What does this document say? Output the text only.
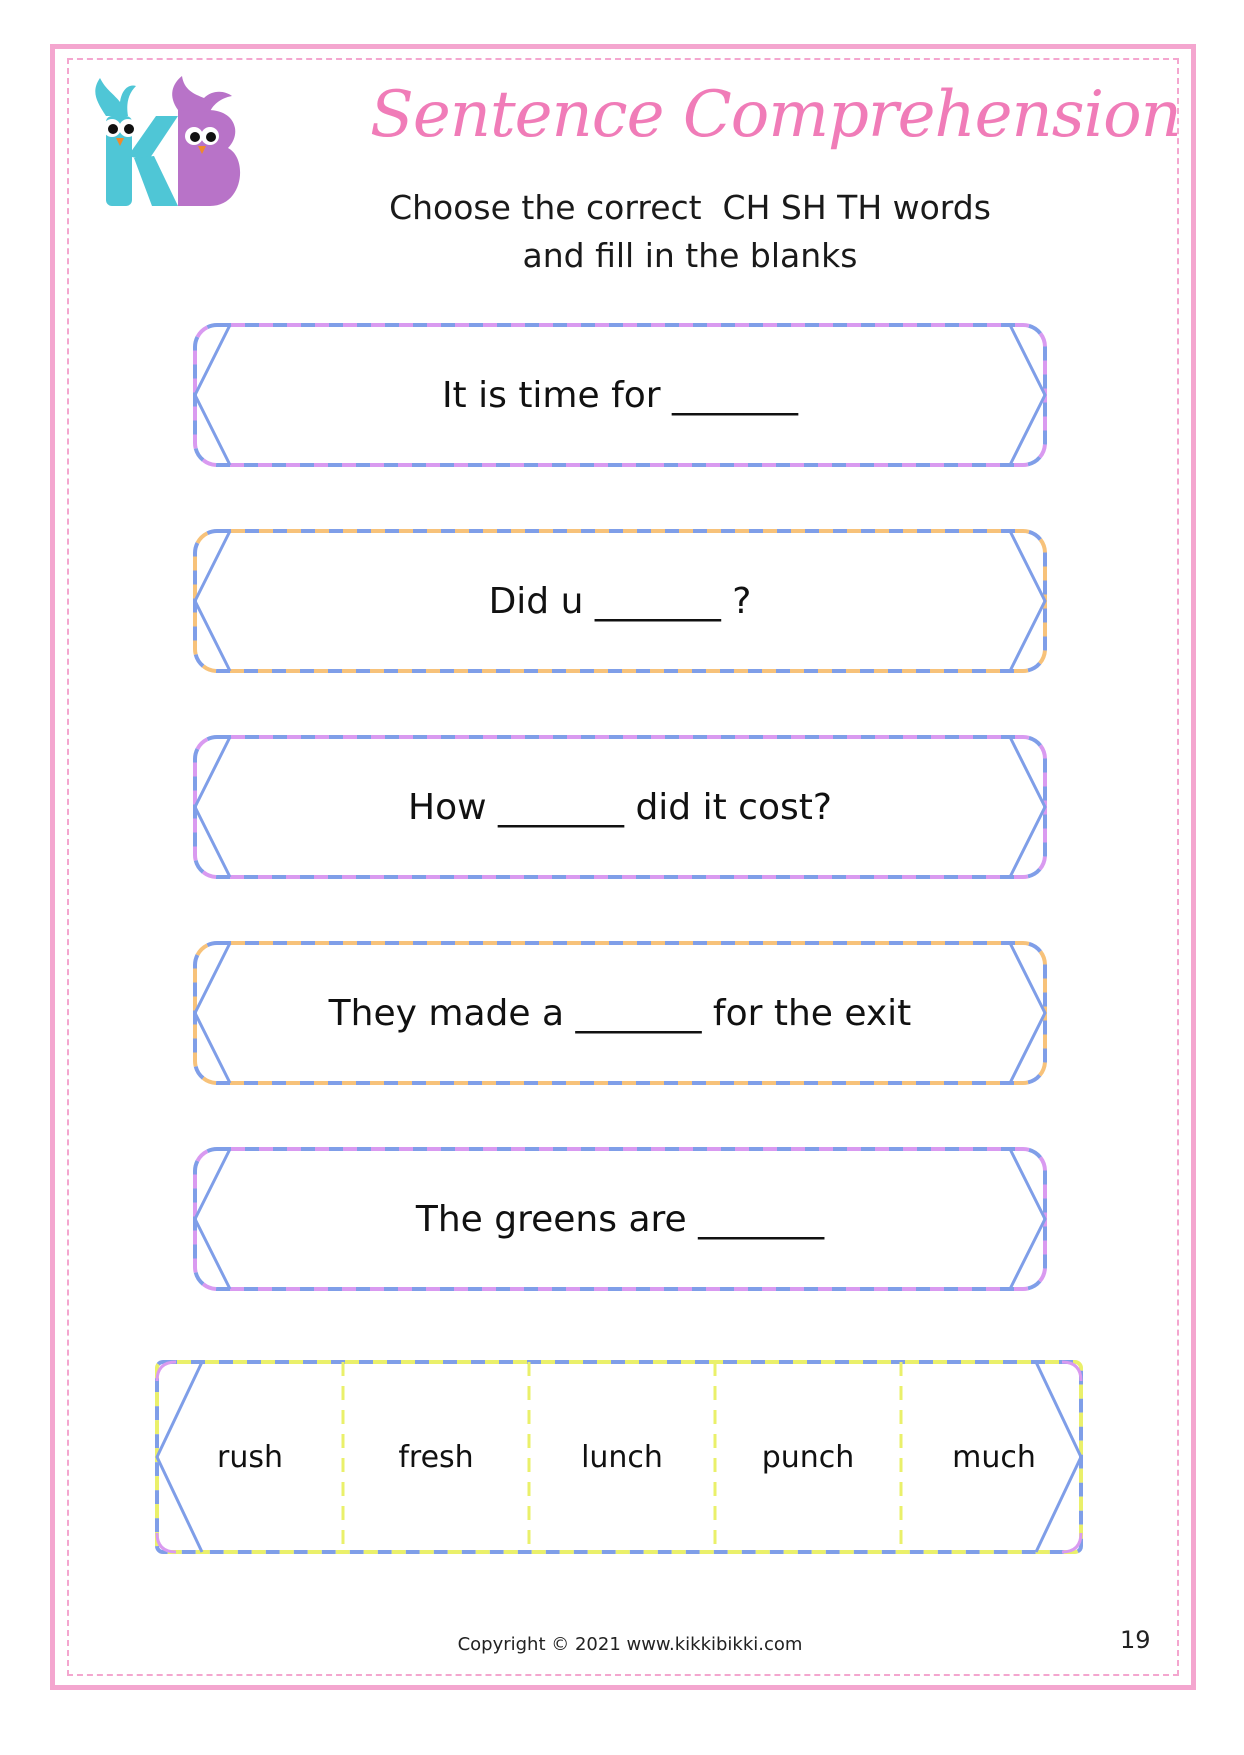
Sentence Comprehension
Choose the correct  CH SH TH words
and fill in the blanks
It is time for _______
Did u _______ ?
How _______ did it cost?
They made a _______ for the exit
The greens are _______
rush	fresh	lunch	punch	much
Copyright © 2021 www.kikkibikki.com	19
